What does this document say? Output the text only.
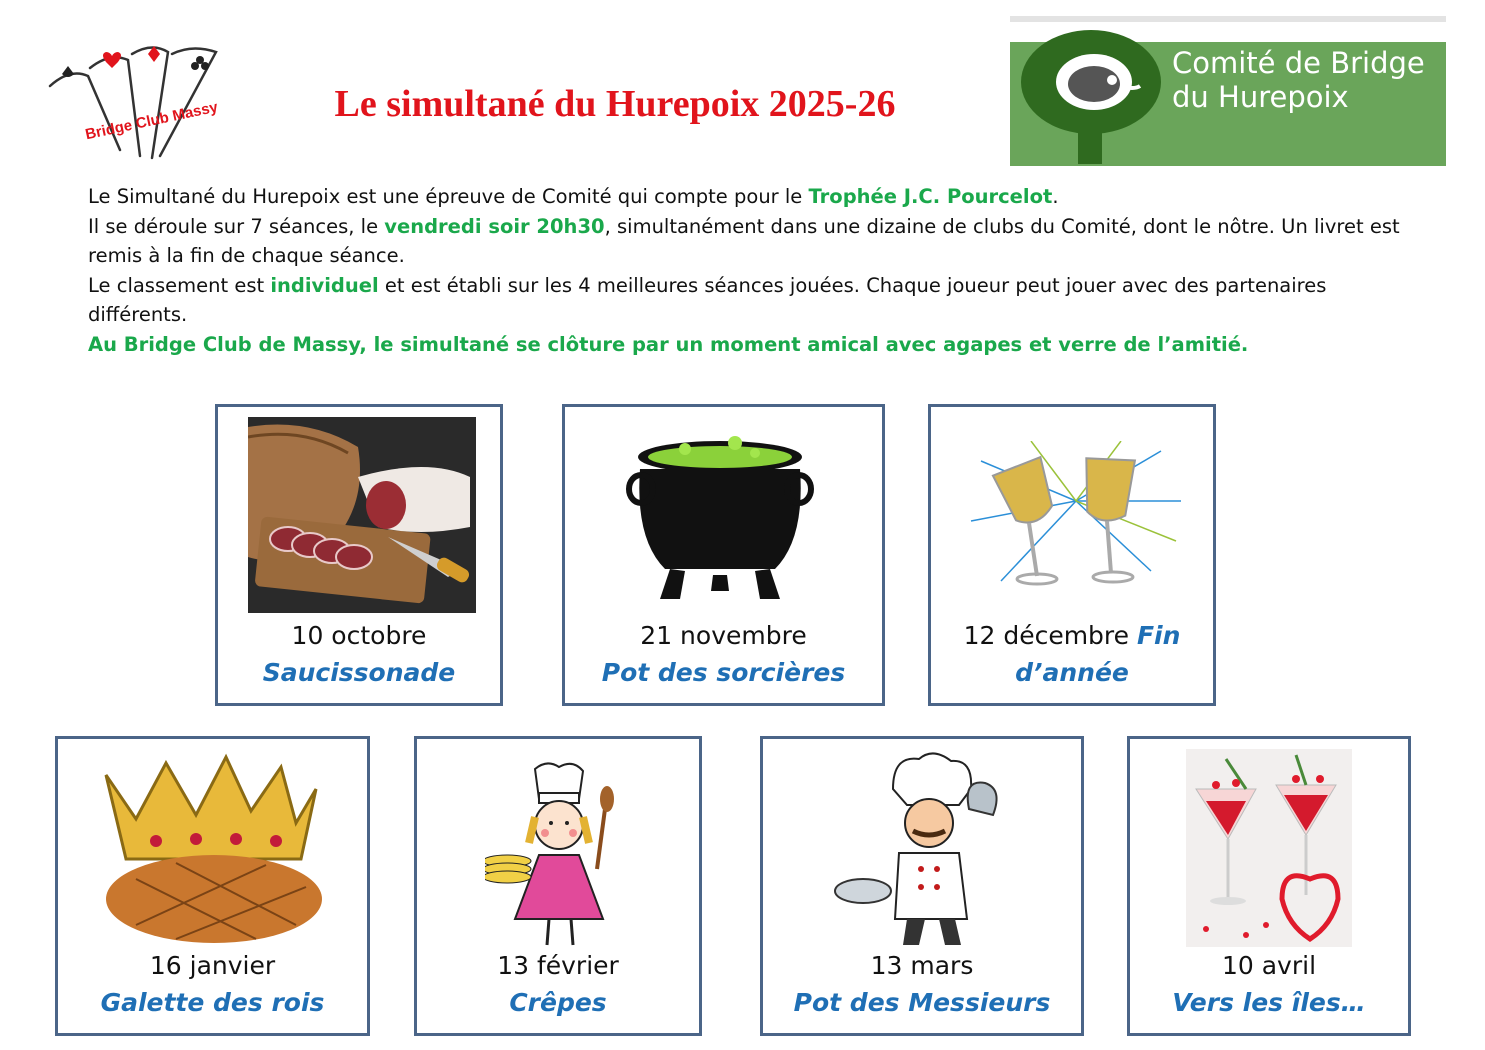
Bridge Club Massy	Le simultané du Hurepoix 2025-26
Comité de Bridge
du Hurepoix

Le Simultané du Hurepoix est une épreuve de Comité qui compte pour le Trophée J.C. Pourcelot.

Il se déroule sur 7 séances, le vendredi soir 20h30, simultanément dans une dizaine de clubs du Comité, dont le nôtre. Un livret est remis à la fin de chaque séance.

Le classement est individuel et est établi sur les 4 meilleures séances jouées. Chaque joueur peut jouer avec des partenaires différents.

Au Bridge Club de Massy, le simultané se clôture par un moment amical avec agapes et verre de l’amitié.

10 octobre
Saucissonade
21 novembre
Pot des sorcières
12 décembre Fin
d’année
16 janvier
Galette des rois
13 février
Crêpes
13 mars
Pot des Messieurs
10 avril
Vers les îles…
